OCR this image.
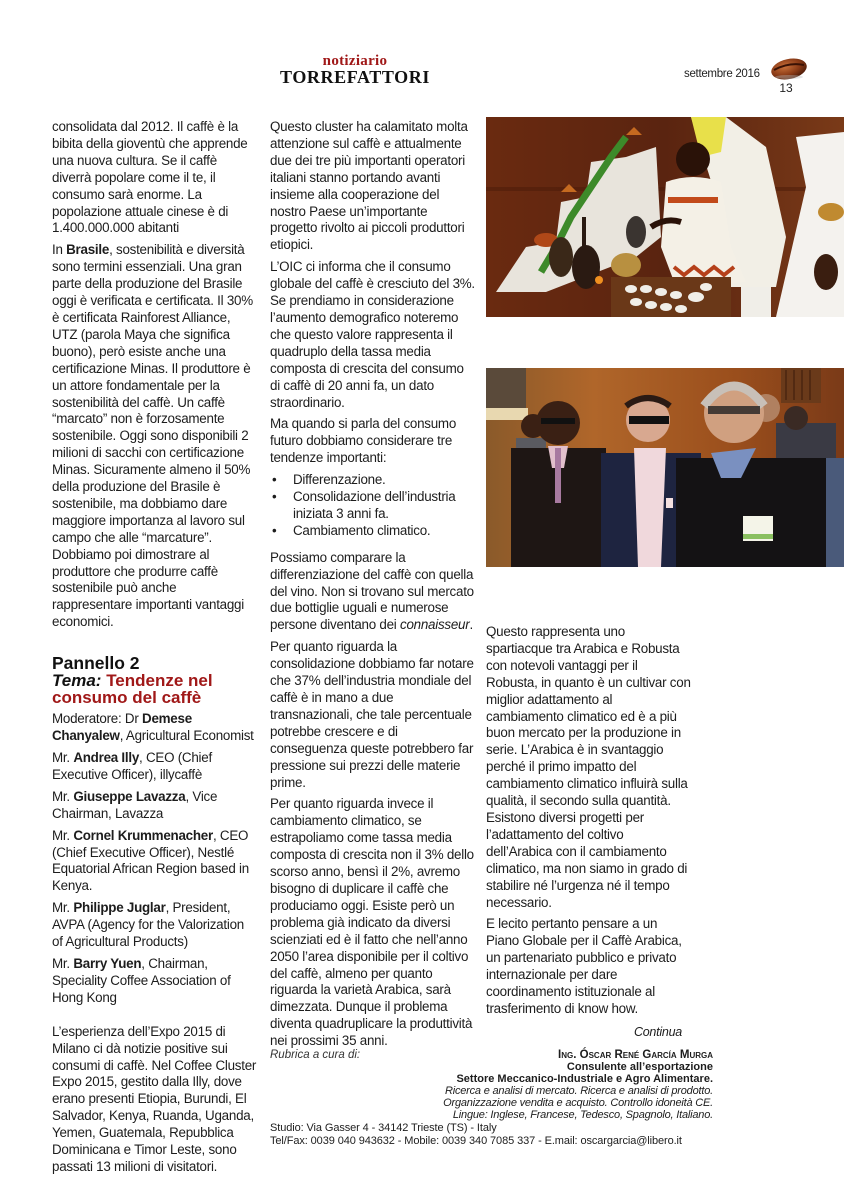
notiziario
TORREFATTORI	settembre 2016
13

consolidata dal 2012. Il caffè è la bibita della gioventù che apprende una nuova cultura. Se il caffè diverrà popolare come il te, il consumo sarà enorme. La popolazione attuale cinese è di 1.400.000.000 abitanti

In Brasile, sostenibilità e diversità sono termini essenziali. Una gran parte della produzione del Brasile oggi è verificata e certificata. Il 30% è certificata Rainforest Alliance, UTZ (parola Maya che significa buono), però esiste anche una certificazione Minas. Il produttore è un attore fondamentale per la sostenibilità del caffè. Un caffè “marcato” non è forzosamente sostenibile. Oggi sono disponibili 2 milioni di sacchi con certificazione Minas. Sicuramente almeno il 50% della produzione del Brasile è sostenibile, ma dobbiamo dare maggiore importanza al lavoro sul campo che alle “marcature”. Dobbiamo poi dimostrare al produttore che produrre caffè sostenibile può anche rappresentare importanti vantaggi economici.

Pannello 2
Tema: Tendenze nel consumo del caffè

Moderatore: Dr Demese Chanyalew, Agricultural Economist

Mr. Andrea Illy, CEO (Chief Executive Officer), illycaffè

Mr. Giuseppe Lavazza, Vice Chairman, Lavazza

Mr. Cornel Krummenacher, CEO (Chief Executive Officer), Nestlé Equatorial African Region based in Kenya.

Mr. Philippe Juglar, President, AVPA (Agency for the Valorization of Agricultural Products)

Mr. Barry Yuen, Chairman, Speciality Coffee Association of Hong Kong

L’esperienza dell’Expo 2015 di Milano ci dà notizie positive sui consumi di caffè. Nel Coffee Cluster Expo 2015, gestito dalla Illy, dove erano presenti Etiopia, Burundi, El Salvador, Kenya, Ruanda, Uganda, Yemen, Guatemala, Repubblica Dominicana e Timor Leste, sono passati 13 milioni di visitatori.

Questo cluster ha calamitato molta attenzione sul caffè e attualmente due dei tre più importanti operatori italiani stanno portando avanti insieme alla cooperazione del nostro Paese un’importante progetto rivolto ai piccoli produttori etiopici.

L’OIC ci informa che il consumo globale del caffè è cresciuto del 3%. Se prendiamo in considerazione l’aumento demografico noteremo che questo valore rappresenta il quadruplo della tassa media composta di crescita del consumo di caffè di 20 anni fa, un dato straordinario.

Ma quando si parla del consumo futuro dobbiamo considerare tre tendenze importanti:

• Differenzazione.
• Consolidazione dell’industria iniziata 3 anni fa.
• Cambiamento climatico.

Possiamo comparare la differenziazione del caffè con quella del vino. Non si trovano sul mercato due bottiglie uguali e numerose persone diventano dei connaisseur.

Per quanto riguarda la consolidazione dobbiamo far notare che 37% dell’industria mondiale del caffè è in mano a due transnazionali, che tale percentuale potrebbe crescere e di conseguenza queste potrebbero far pressione sui prezzi delle materie prime.

Per quanto riguarda invece il cambiamento climatico, se estrapoliamo come tassa media composta di crescita non il 3% dello scorso anno, bensì il 2%, avremo bisogno di duplicare il caffè che produciamo oggi. Esiste però un problema già indicato da diversi scienziati ed è il fatto che nell’anno 2050 l’area disponibile per il coltivo del caffè, almeno per quanto riguarda la varietà Arabica, sarà dimezzata. Dunque il problema diventa quadruplicare la produttività nei prossimi 35 anni.

Questo rappresenta uno spartiacque tra Arabica e Robusta con notevoli vantaggi per il Robusta, in quanto è un cultivar con miglior adattamento al cambiamento climatico ed è a più buon mercato per la produzione in serie. L’Arabica è in svantaggio perché il primo impatto del cambiamento climatico influirà sulla qualità, il secondo sulla quantità. Esistono diversi progetti per l’adattamento del coltivo dell’Arabica con il cambiamento climatico, ma non siamo in grado di stabilire né l’urgenza né il tempo necessario.

E lecito pertanto pensare a un Piano Globale per il Caffè Arabica, un partenariato pubblico e privato internazionale per dare coordinamento istituzionale al trasferimento di know how.

Continua
Rubrica a cura di:	Ing. Óscar René García Murga
Consulente all’esportazione
Settore Meccanico-Industriale e Agro Alimentare.
Ricerca e analisi di mercato. Ricerca e analisi di prodotto.
Organizzazione vendita e acquisto. Controllo idoneità CE.
Lingue: Inglese, Francese, Tedesco, Spagnolo, Italiano.
Studio: Via Gasser 4 - 34142 Trieste (TS) - Italy
Tel/Fax: 0039 040 943632 - Mobile: 0039 340 7085 337 - E.mail: oscargarcia@libero.it
